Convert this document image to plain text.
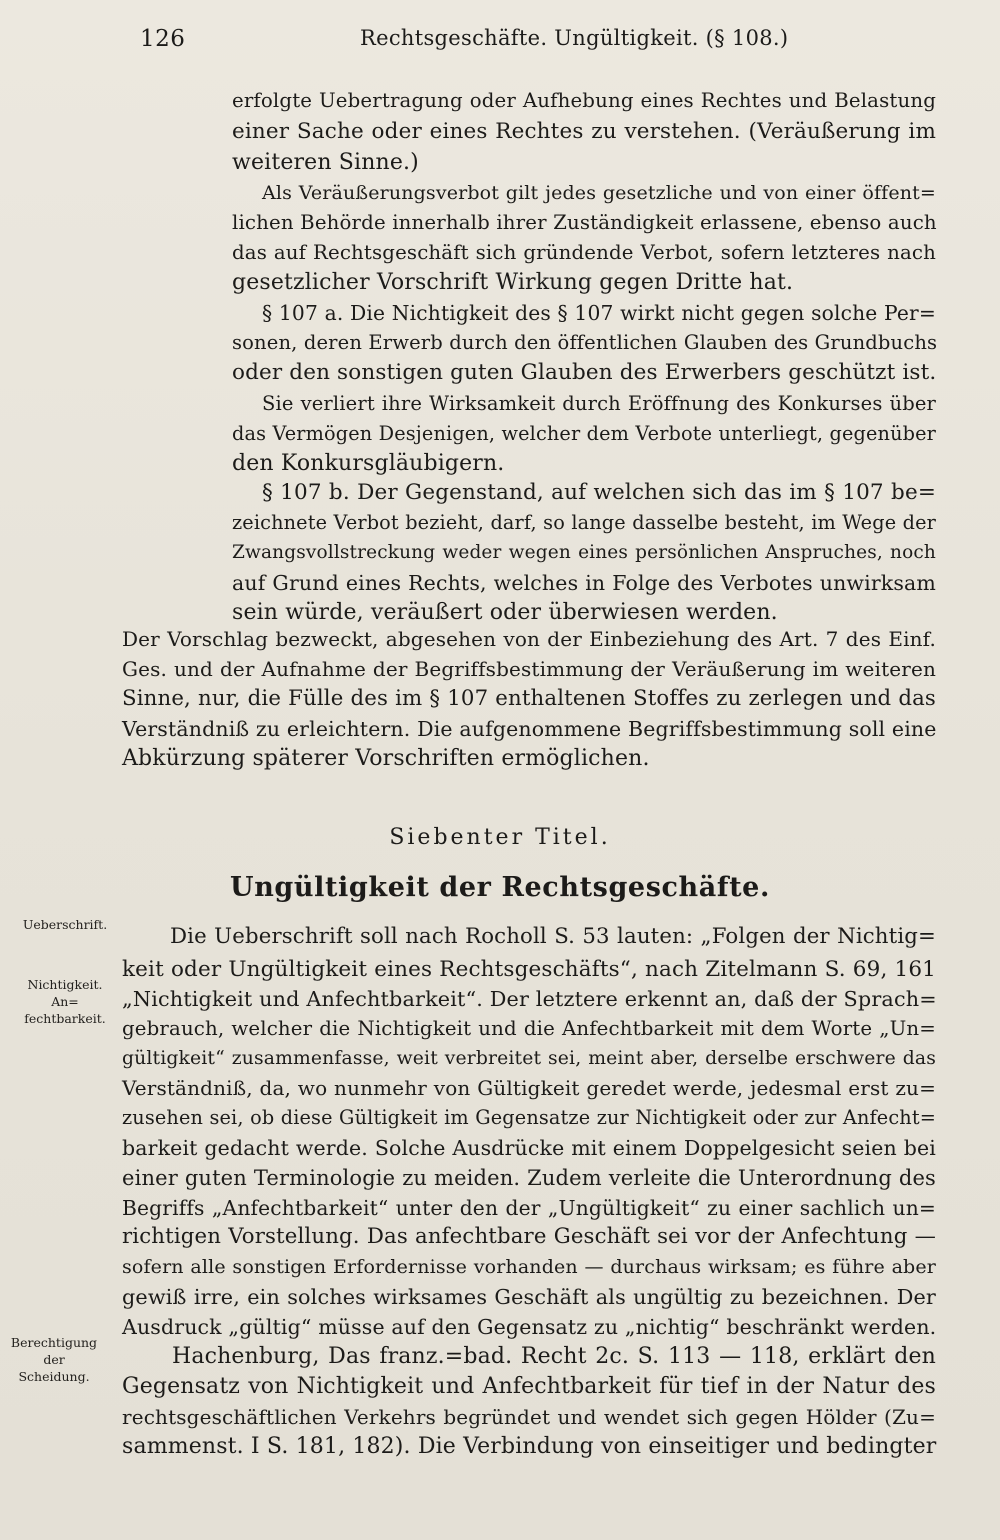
126	Rechtsgeschäfte. Ungültigkeit. (§ 108.)
erfolgte Uebertragung oder Aufhebung eines Rechtes und Belastung
einer Sache oder eines Rechtes zu verstehen. (Veräußerung im
weiteren Sinne.)
Als Veräußerungsverbot gilt jedes gesetzliche und von einer öffent=
lichen Behörde innerhalb ihrer Zuständigkeit erlassene, ebenso auch
das auf Rechtsgeschäft sich gründende Verbot, sofern letzteres nach
gesetzlicher Vorschrift Wirkung gegen Dritte hat.
§ 107 a. Die Nichtigkeit des § 107 wirkt nicht gegen solche Per=
sonen, deren Erwerb durch den öffentlichen Glauben des Grundbuchs
oder den sonstigen guten Glauben des Erwerbers geschützt ist.
Sie verliert ihre Wirksamkeit durch Eröffnung des Konkurses über
das Vermögen Desjenigen, welcher dem Verbote unterliegt, gegenüber
den Konkursgläubigern.
§ 107 b. Der Gegenstand, auf welchen sich das im § 107 be=
zeichnete Verbot bezieht, darf, so lange dasselbe besteht, im Wege der
Zwangsvollstreckung weder wegen eines persönlichen Anspruches, noch
auf Grund eines Rechts, welches in Folge des Verbotes unwirksam
sein würde, veräußert oder überwiesen werden.
Der Vorschlag bezweckt, abgesehen von der Einbeziehung des Art. 7 des Einf.
Ges. und der Aufnahme der Begriffsbestimmung der Veräußerung im weiteren
Sinne, nur, die Fülle des im § 107 enthaltenen Stoffes zu zerlegen und das
Verständniß zu erleichtern. Die aufgenommene Begriffsbestimmung soll eine
Abkürzung späterer Vorschriften ermöglichen.
Siebenter Titel.
Ungültigkeit der Rechtsgeschäfte.
Ueberschrift.
Nichtigkeit.
An=
fechtbarkeit.
Berechtigung
der
Scheidung.
Die Ueberschrift soll nach Rocholl S. 53 lauten: „Folgen der Nichtig=
keit oder Ungültigkeit eines Rechtsgeschäfts“, nach Zitelmann S. 69, 161
„Nichtigkeit und Anfechtbarkeit“. Der letztere erkennt an, daß der Sprach=
gebrauch, welcher die Nichtigkeit und die Anfechtbarkeit mit dem Worte „Un=
gültigkeit“ zusammenfasse, weit verbreitet sei, meint aber, derselbe erschwere das
Verständniß, da, wo nunmehr von Gültigkeit geredet werde, jedesmal erst zu=
zusehen sei, ob diese Gültigkeit im Gegensatze zur Nichtigkeit oder zur Anfecht=
barkeit gedacht werde. Solche Ausdrücke mit einem Doppelgesicht seien bei
einer guten Terminologie zu meiden. Zudem verleite die Unterordnung des
Begriffs „Anfechtbarkeit“ unter den der „Ungültigkeit“ zu einer sachlich un=
richtigen Vorstellung. Das anfechtbare Geschäft sei vor der Anfechtung —
sofern alle sonstigen Erfordernisse vorhanden — durchaus wirksam; es führe aber
gewiß irre, ein solches wirksames Geschäft als ungültig zu bezeichnen. Der
Ausdruck „gültig“ müsse auf den Gegensatz zu „nichtig“ beschränkt werden.
Hachenburg, Das franz.=bad. Recht 2c. S. 113 — 118, erklärt den
Gegensatz von Nichtigkeit und Anfechtbarkeit für tief in der Natur des
rechtsgeschäftlichen Verkehrs begründet und wendet sich gegen Hölder (Zu=
sammenst. I S. 181, 182). Die Verbindung von einseitiger und bedingter
